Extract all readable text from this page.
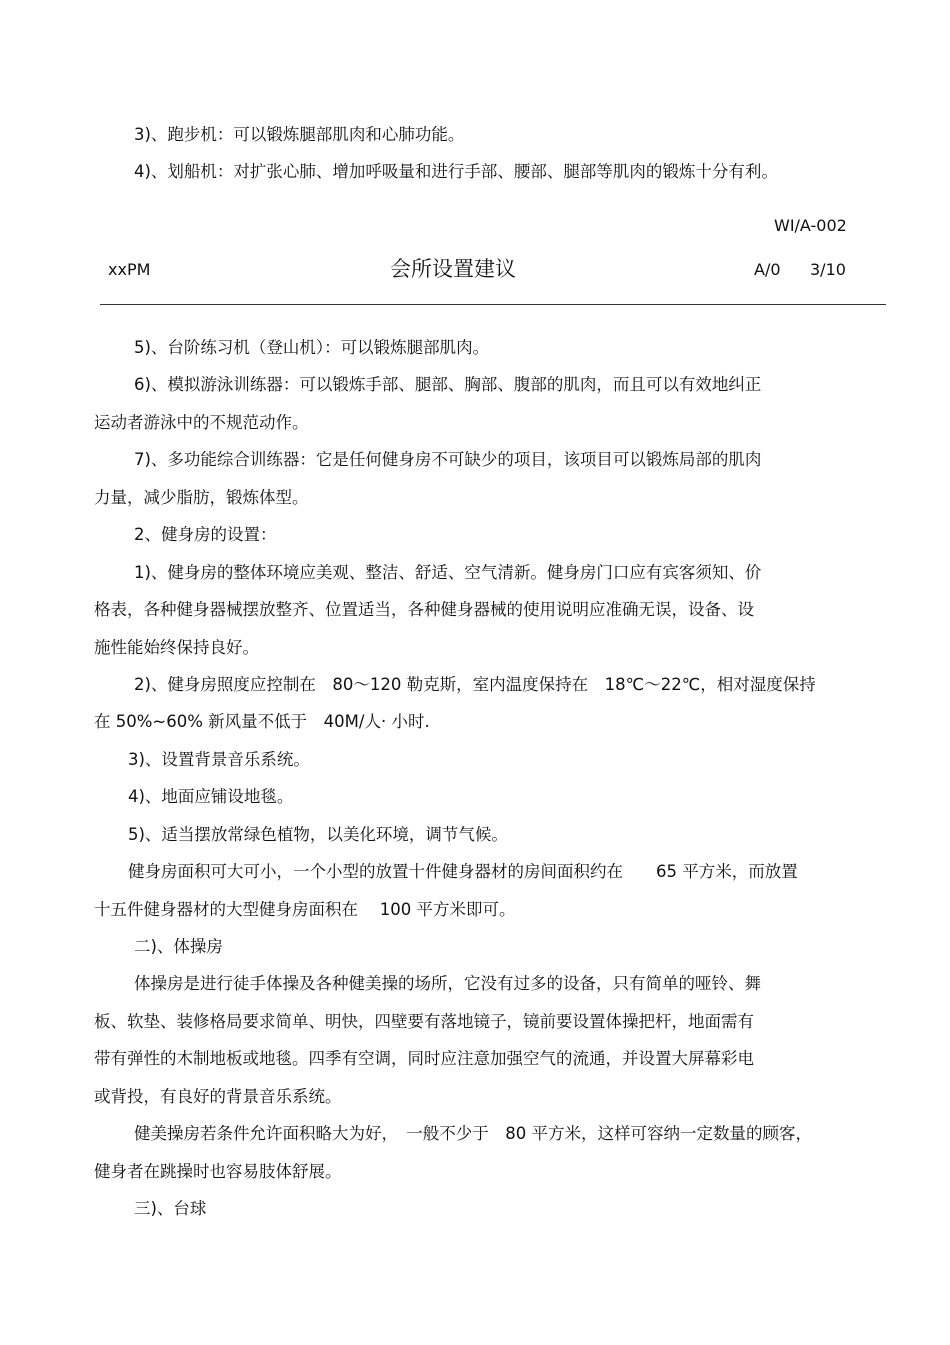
3)、跑步机：可以锻炼腿部肌肉和心肺功能。
4)、划船机：对扩张心肺、增加呼吸量和进行手部、腰部、腿部等肌肉的锻炼十分有利。
WI/A-002
xxPM	会所设置建议	A/0 3/10
5)、台阶练习机（登山机）：可以锻炼腿部肌肉。
6)、模拟游泳训练器：可以锻炼手部、腿部、胸部、腹部的肌肉，而且可以有效地纠正
运动者游泳中的不规范动作。
7)、多功能综合训练器：它是任何健身房不可缺少的项目，该项目可以锻炼局部的肌肉
力量，减少脂肪，锻炼体型。
2、健身房的设置：
1)、健身房的整体环境应美观、整洁、舒适、空气清新。健身房门口应有宾客须知、价
格表，各种健身器械摆放整齐、位置适当，各种健身器械的使用说明应准确无误，设备、设
施性能始终保持良好。
2)、健身房照度应控制在　80～120 勒克斯，室内温度保持在　18℃～22℃，相对湿度保持
在 50%~60% 新风量不低于　40M/人· 小时.
3)、设置背景音乐系统。
4)、地面应铺设地毯。
5)、适当摆放常绿色植物，以美化环境，调节气候。
健身房面积可大可小，一个小型的放置十件健身器材的房间面积约在　　65 平方米，而放置
十五件健身器材的大型健身房面积在　 100 平方米即可。
二)、体操房
体操房是进行徒手体操及各种健美操的场所，它没有过多的设备，只有简单的哑铃、舞
板、软垫、装修格局要求简单、明快，四壁要有落地镜子，镜前要设置体操把杆，地面需有
带有弹性的木制地板或地毯。四季有空调，同时应注意加强空气的流通，并设置大屏幕彩电
或背投，有良好的背景音乐系统。
健美操房若条件允许面积略大为好，　一般不少于　80 平方米，这样可容纳一定数量的顾客，
健身者在跳操时也容易肢体舒展。
三)、台球
